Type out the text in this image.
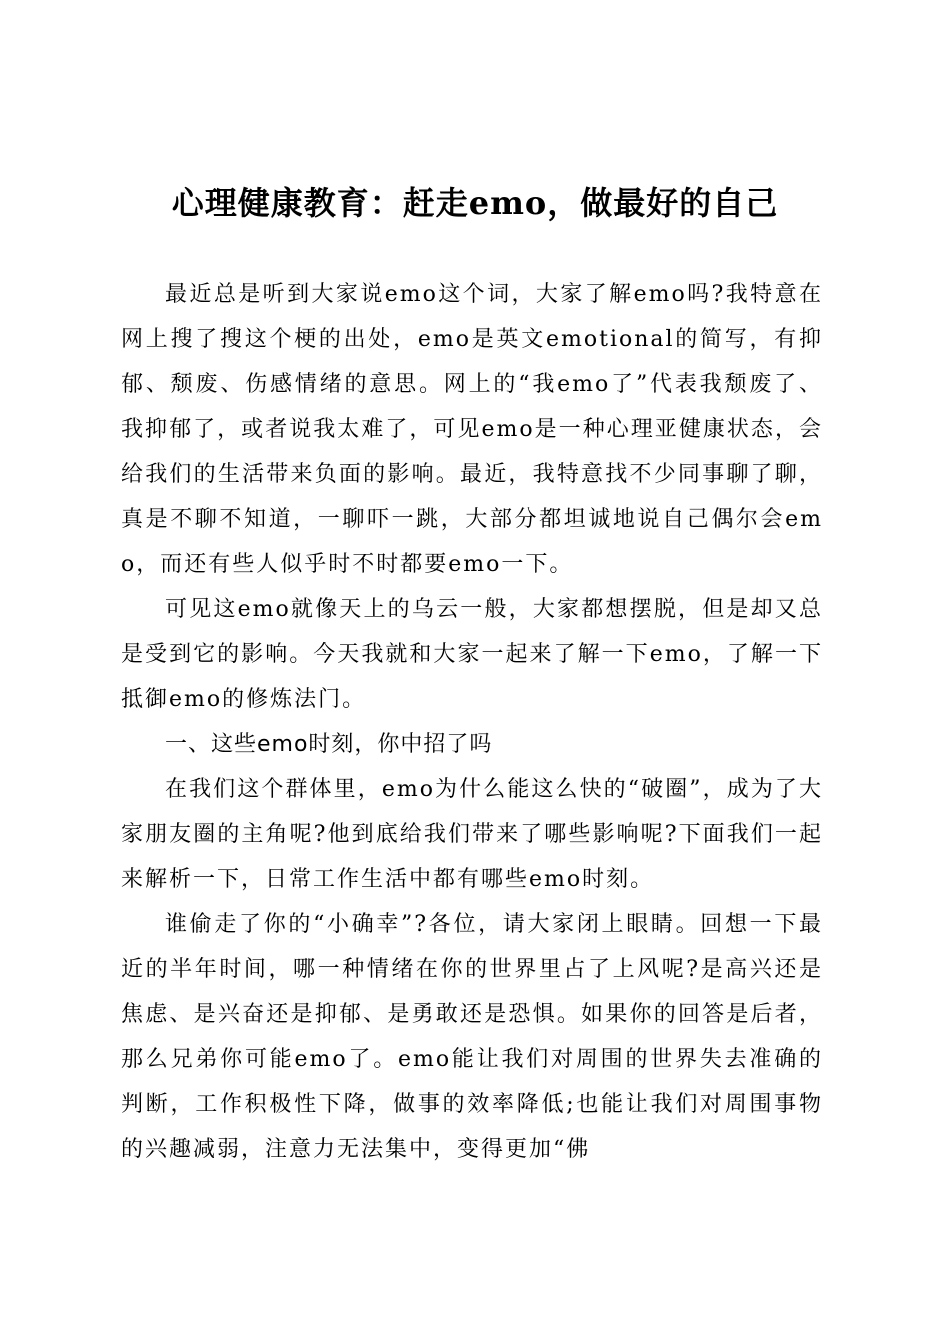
心理健康教育：赶走emo，做最好的自己

最近总是听到大家说emo这个词，大家了解emo吗?我特意在网上搜了搜这个梗的出处，emo是英文emotional的简写，有抑郁、颓废、伤感情绪的意思。网上的“我emo了”代表我颓废了、我抑郁了，或者说我太难了，可见emo是一种心理亚健康状态，会给我们的生活带来负面的影响。最近，我特意找不少同事聊了聊，真是不聊不知道，一聊吓一跳，大部分都坦诚地说自己偶尔会emo，而还有些人似乎时不时都要emo一下。

可见这emo就像天上的乌云一般，大家都想摆脱，但是却又总是受到它的影响。今天我就和大家一起来了解一下emo，了解一下抵御emo的修炼法门。

一、这些emo时刻，你中招了吗

在我们这个群体里，emo为什么能这么快的“破圈”，成为了大家朋友圈的主角呢?他到底给我们带来了哪些影响呢?下面我们一起来解析一下，日常工作生活中都有哪些emo时刻。

谁偷走了你的“小确幸”?各位，请大家闭上眼睛。回想一下最近的半年时间，哪一种情绪在你的世界里占了上风呢?是高兴还是焦虑、是兴奋还是抑郁、是勇敢还是恐惧。如果你的回答是后者，那么兄弟你可能emo了。emo能让我们对周围的世界失去准确的判断，工作积极性下降，做事的效率降低;也能让我们对周围事物的兴趣减弱，注意力无法集中，变得更加“佛
